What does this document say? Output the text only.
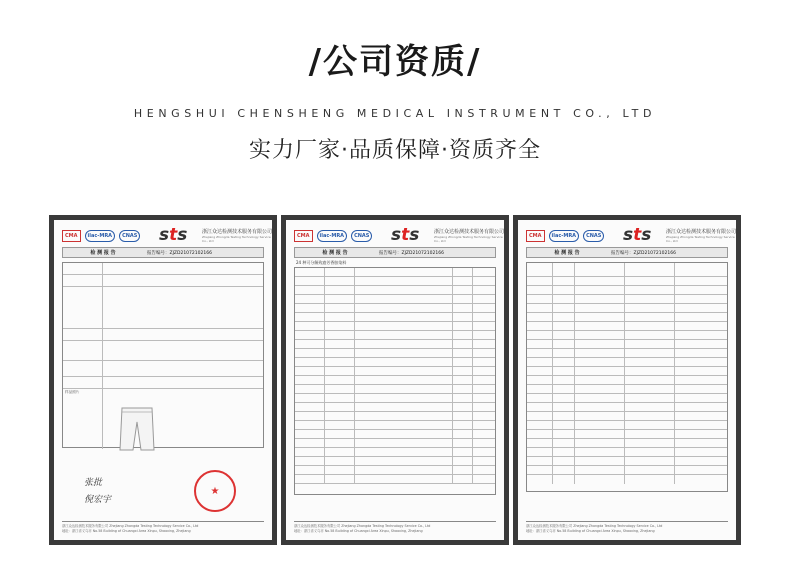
/公司资质/
HENGSHUI CHENSHENG MEDICAL INSTRUMENT CO., LTD
实力厂家·品质保障·资质齐全
CMA	ilac-MRA	CNAS sts	浙江众达检测技术服务有限公司
Zhejiang Zhongda Testing Technology Service Co., Ltd
检 测 报 告	报告编号：ZJZD21072102166
样品照片
张批
倪宏宇
★
浙江众达检测技术服务有限公司 Zhejiang Zhongda Testing Technology Service Co., Ltd
地址：浙江省义乌市 No.58 Building of Chuangxi Area Xinpu, Shaoxing, Zhejiang
CMA	ilac-MRA	CNAS sts	浙江众达检测技术服务有限公司
Zhejiang Zhongda Testing Technology Service Co., Ltd
检 测 报 告	报告编号：ZJZD21072102166
24 种可分解致癌芳香胺染料
浙江众达检测技术服务有限公司 Zhejiang Zhongda Testing Technology Service Co., Ltd
地址：浙江省义乌市 No.58 Building of Chuangxi Area Xinpu, Shaoxing, Zhejiang
CMA	ilac-MRA	CNAS sts	浙江众达检测技术服务有限公司
Zhejiang Zhongda Testing Technology Service Co., Ltd
检 测 报 告	报告编号：ZJZD21072102166
浙江众达检测技术服务有限公司 Zhejiang Zhongda Testing Technology Service Co., Ltd
地址：浙江省义乌市 No.58 Building of Chuangxi Area Xinpu, Shaoxing, Zhejiang
